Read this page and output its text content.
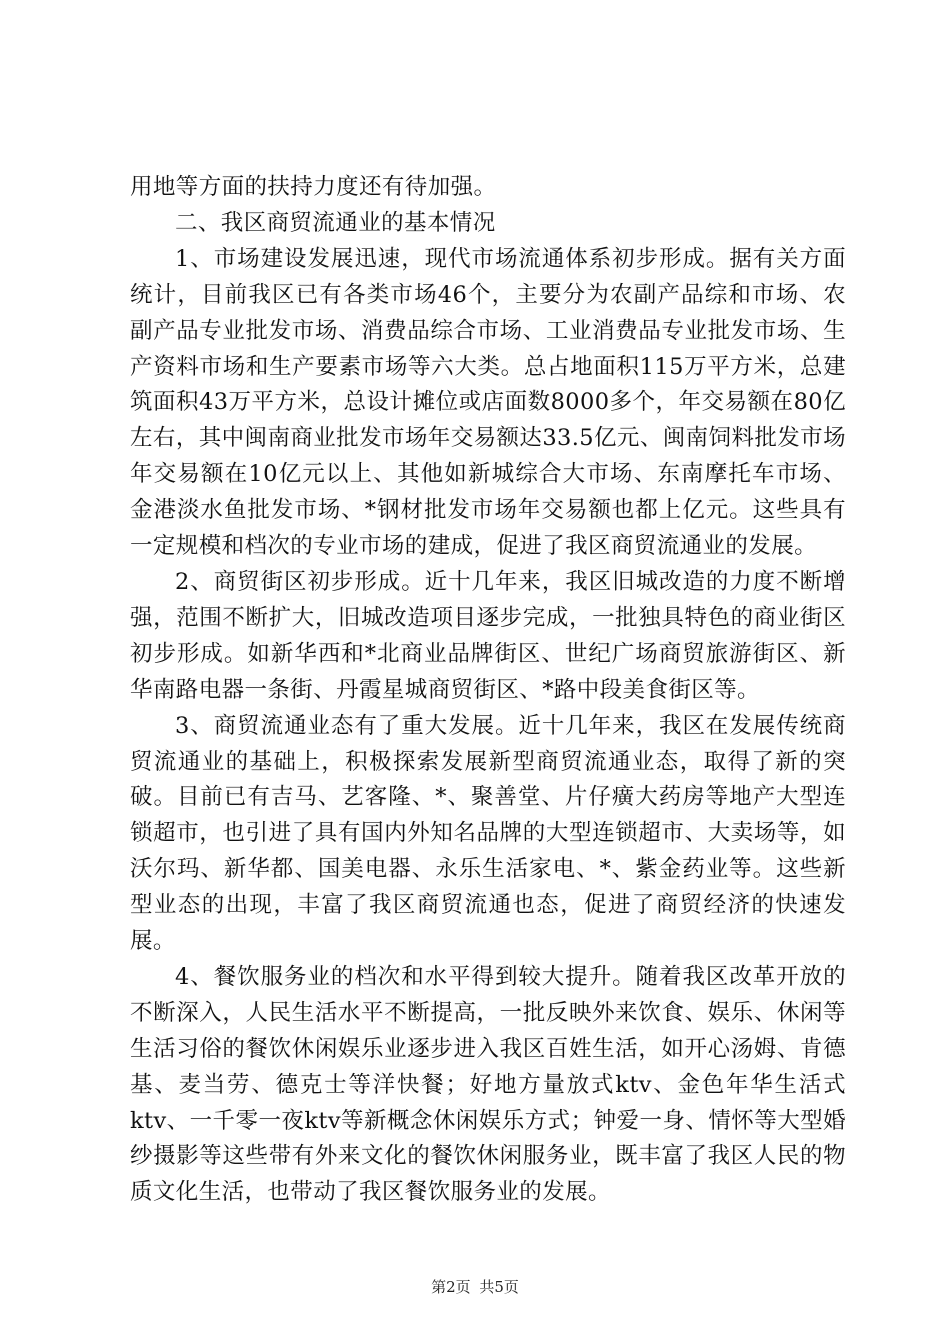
用地等方面的扶持力度还有待加强。

二、我区商贸流通业的基本情况

1、市场建设发展迅速，现代市场流通体系初步形成。据有关方面统计，目前我区已有各类市场46个，主要分为农副产品综和市场、农副产品专业批发市场、消费品综合市场、工业消费品专业批发市场、生产资料市场和生产要素市场等六大类。总占地面积115万平方米，总建筑面积43万平方米，总设计摊位或店面数8000多个，年交易额在80亿左右，其中闽南商业批发市场年交易额达33.5亿元、闽南饲料批发市场年交易额在10亿元以上、其他如新城综合大市场、东南摩托车市场、金港淡水鱼批发市场、*钢材批发市场年交易额也都上亿元。这些具有一定规模和档次的专业市场的建成，促进了我区商贸流通业的发展。

2、商贸街区初步形成。近十几年来，我区旧城改造的力度不断增强，范围不断扩大，旧城改造项目逐步完成，一批独具特色的商业街区初步形成。如新华西和*北商业品牌街区、世纪广场商贸旅游街区、新华南路电器一条街、丹霞星城商贸街区、*路中段美食街区等。

3、商贸流通业态有了重大发展。近十几年来，我区在发展传统商贸流通业的基础上，积极探索发展新型商贸流通业态，取得了新的突破。目前已有吉马、艺客隆、*、聚善堂、片仔癀大药房等地产大型连锁超市，也引进了具有国内外知名品牌的大型连锁超市、大卖场等，如沃尔玛、新华都、国美电器、永乐生活家电、*、紫金药业等。这些新型业态的出现，丰富了我区商贸流通也态，促进了商贸经济的快速发展。

4、餐饮服务业的档次和水平得到较大提升。随着我区改革开放的不断深入，人民生活水平不断提高，一批反映外来饮食、娱乐、休闲等生活习俗的餐饮休闲娱乐业逐步进入我区百姓生活，如开心汤姆、肯德基、麦当劳、德克士等洋快餐；好地方量放式ktv、金色年华生活式ktv、一千零一夜ktv等新概念休闲娱乐方式；钟爱一身、情怀等大型婚纱摄影等这些带有外来文化的餐饮休闲服务业，既丰富了我区人民的物质文化生活，也带动了我区餐饮服务业的发展。

第2页 共5页
